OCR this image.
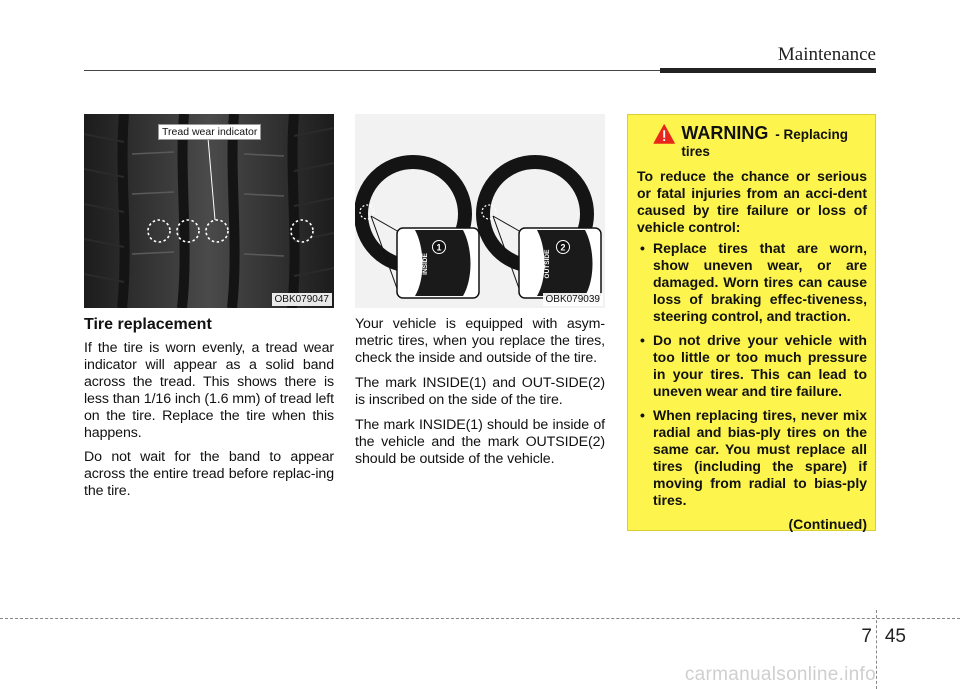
Maintenance
Tread wear indicator
OBK079047
Tire replacement

If the tire is worn evenly, a tread wear indicator will appear as a solid band across the tread. This shows there is less than 1/16 inch (1.6 mm) of tread left on the tire. Replace the tire when this happens.

Do not wait for the band to appear across the entire tread before replac-ing the tire.

INSIDE	OUTSIDE
1	2
OBK079039

Your vehicle is equipped with asym-metric tires, when you replace the tires, check the inside and outside of the tire.

The mark INSIDE(1) and OUT-SIDE(2) is inscribed on the side of the tire.

The mark INSIDE(1) should be inside of the vehicle and the mark OUTSIDE(2) should be outside of the vehicle.

WARNING - Replacing tires

To reduce the chance or serious or fatal injuries from an acci-dent caused by tire failure or loss of vehicle control:

• Replace tires that are worn, show uneven wear, or are damaged. Worn tires can cause loss of braking effec-tiveness, steering control, and traction.
• Do not drive your vehicle with too little or too much pressure in your tires. This can lead to uneven wear and tire failure.
• When replacing tires, never mix radial and bias-ply tires on the same car. You must replace all tires (including the spare) if moving from radial to bias-ply tires.
(Continued)
7 45
carmanualsonline.info
